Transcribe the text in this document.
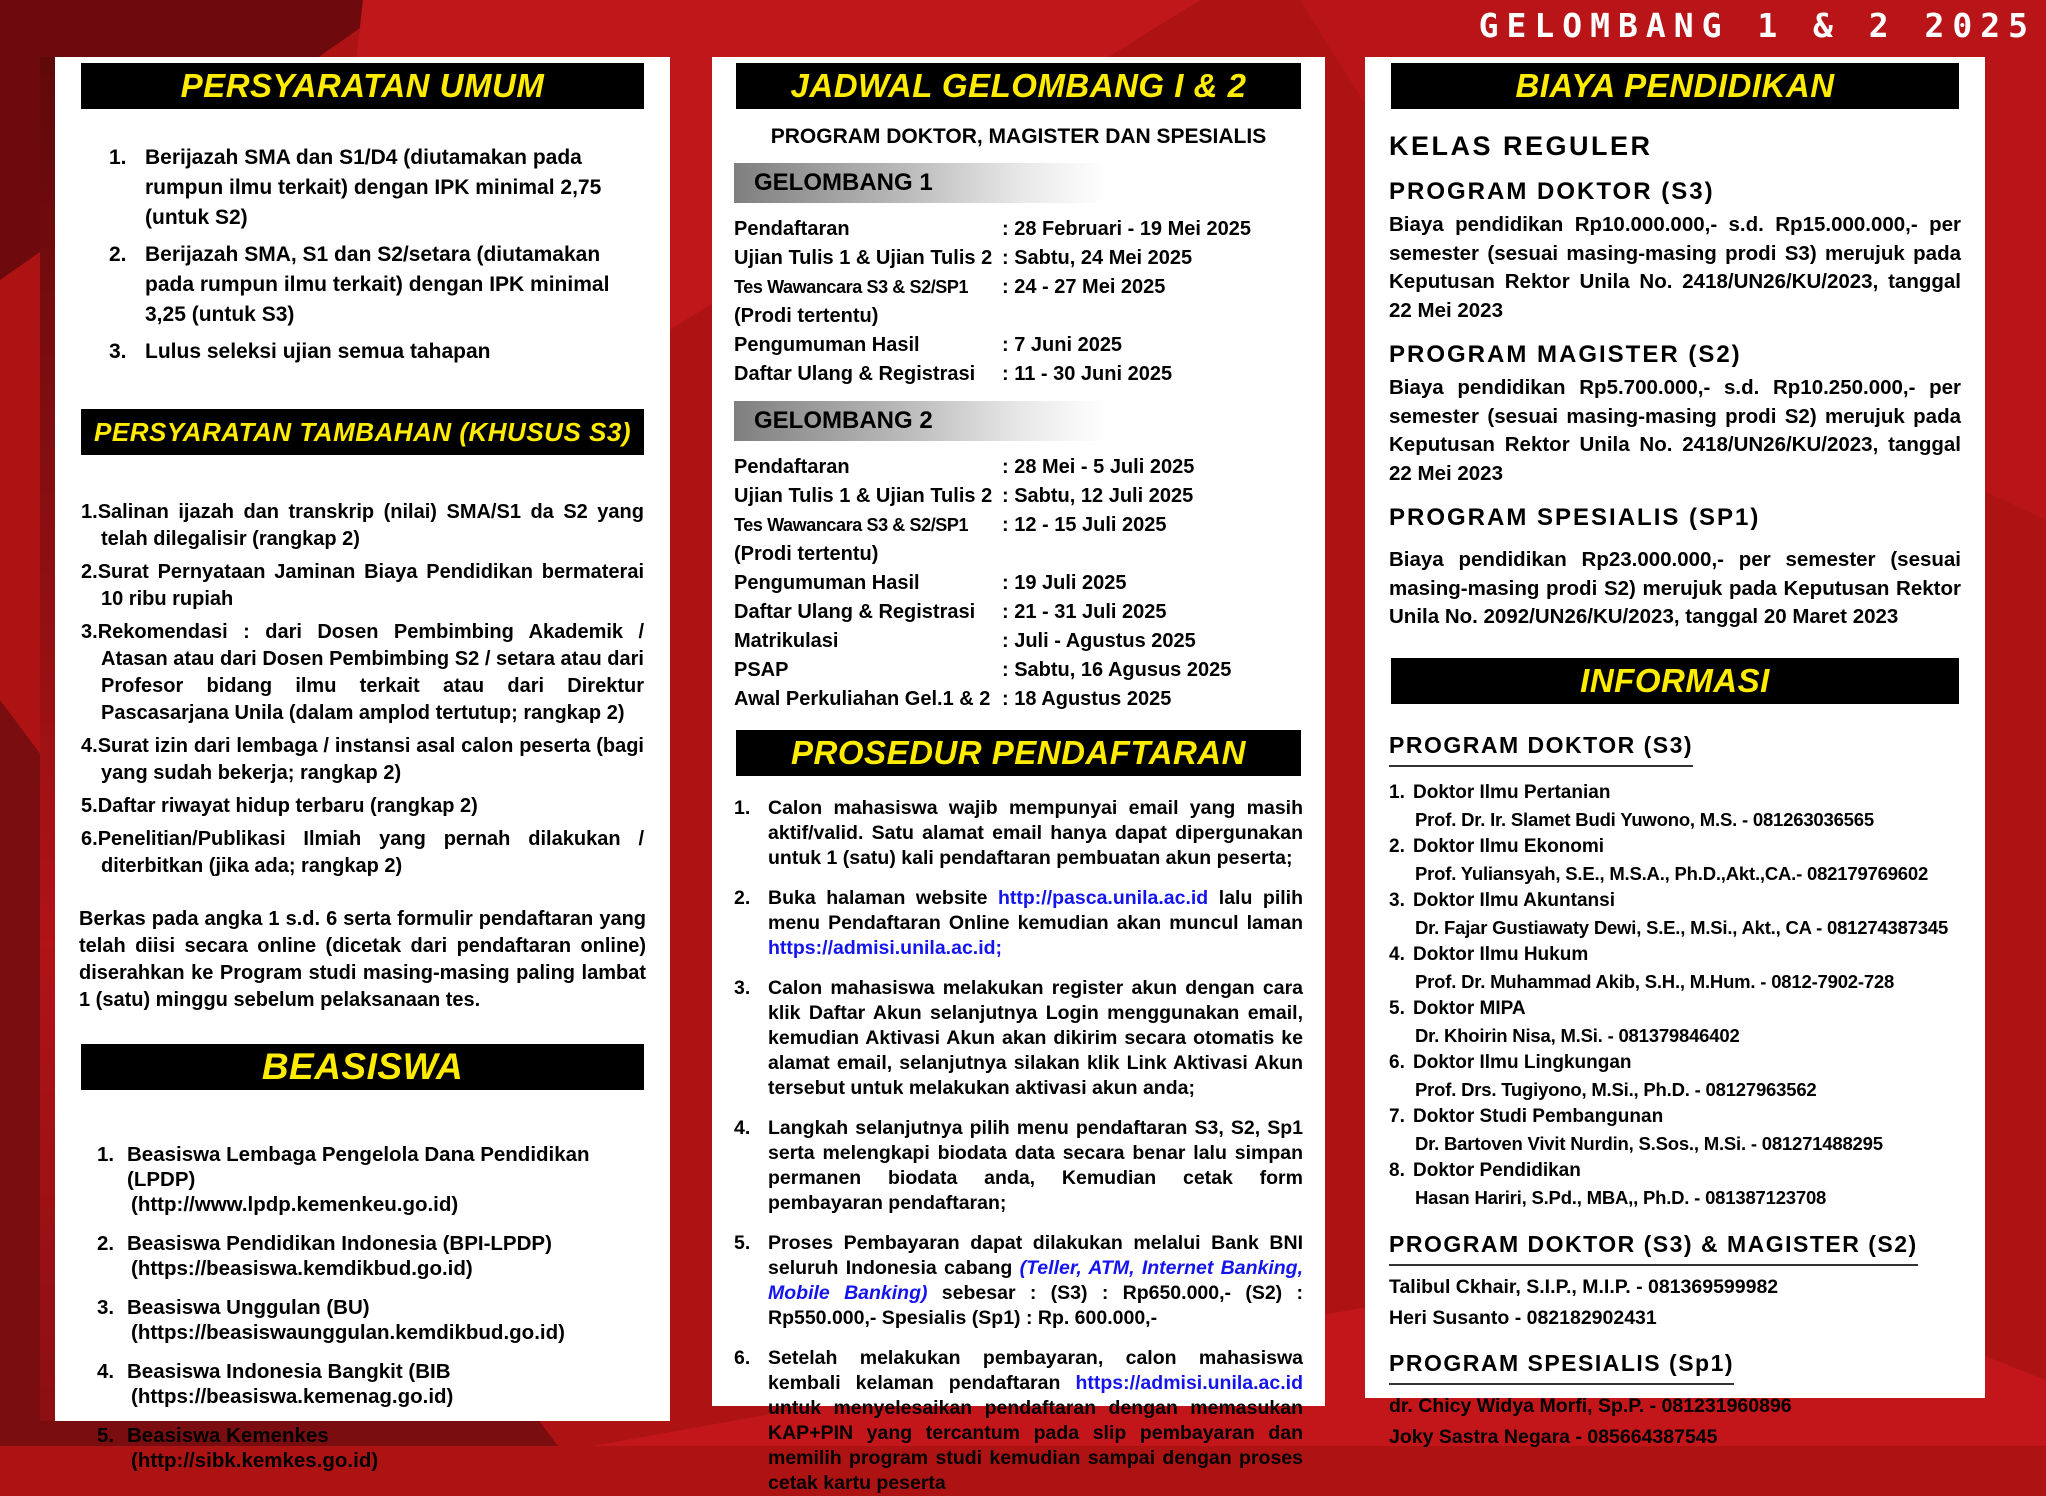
GELOMBANG 1 & 2 2025
PERSYARATAN UMUM
1. Berijazah SMA dan S1/D4 (diutamakan pada rumpun ilmu terkait) dengan IPK minimal 2,75 (untuk S2)
2. Berijazah SMA, S1 dan S2/setara (diutamakan pada rumpun ilmu terkait) dengan IPK minimal 3,25 (untuk S3)
3. Lulus seleksi ujian semua tahapan
PERSYARATAN TAMBAHAN (KHUSUS S3)
1.Salinan ijazah dan transkrip (nilai) SMA/S1 da S2 yang telah dilegalisir (rangkap 2)
2.Surat Pernyataan Jaminan Biaya Pendidikan bermaterai 10 ribu rupiah
3.Rekomendasi : dari Dosen Pembimbing Akademik / Atasan atau dari Dosen Pembimbing S2 / setara atau dari Profesor bidang ilmu terkait atau dari Direktur Pascasarjana Unila (dalam amplod tertutup; rangkap 2)
4.Surat izin dari lembaga / instansi asal calon peserta (bagi yang sudah bekerja; rangkap 2)
5.Daftar riwayat hidup terbaru (rangkap 2)
6.Penelitian/Publikasi Ilmiah yang pernah dilakukan / diterbitkan (jika ada; rangkap 2)
Berkas pada angka 1 s.d. 6 serta formulir pendaftaran yang telah diisi secara online (dicetak dari pendaftaran online) diserahkan ke Program studi masing-masing paling lambat 1 (satu) minggu sebelum pelaksanaan tes.
BEASISWA
1. Beasiswa Lembaga Pengelola Dana Pendidikan (LPDP)
(http://www.lpdp.kemenkeu.go.id)
2. Beasiswa Pendidikan Indonesia (BPI-LPDP)
(https://beasiswa.kemdikbud.go.id)
3. Beasiswa Unggulan (BU)
(https://beasiswaunggulan.kemdikbud.go.id)
4. Beasiswa Indonesia Bangkit (BIB
(https://beasiswa.kemenag.go.id)
5. Beasiswa Kemenkes
(http://sibk.kemkes.go.id)
JADWAL GELOMBANG I & 2
PROGRAM DOKTOR, MAGISTER DAN SPESIALIS
GELOMBANG 1
Pendaftaran	: 28 Februari - 19 Mei 2025
Ujian Tulis 1 & Ujian Tulis 2 : Sabtu, 24 Mei 2025
Tes Wawancara S3 & S2/SP1
(Prodi tertentu)
: 24 - 27 Mei 2025
Pengumuman Hasil	: 7 Juni 2025
Daftar Ulang & Registrasi	: 11 - 30 Juni 2025
GELOMBANG 2
Pendaftaran	: 28 Mei - 5 Juli 2025
Ujian Tulis 1 & Ujian Tulis 2 : Sabtu, 12 Juli 2025
Tes Wawancara S3 & S2/SP1
(Prodi tertentu)
: 12 - 15 Juli 2025
Pengumuman Hasil	: 19 Juli 2025
Daftar Ulang & Registrasi	: 21 - 31 Juli 2025
Matrikulasi	: Juli - Agustus 2025
PSAP	: Sabtu, 16 Agusus 2025
Awal Perkuliahan Gel.1 & 2 : 18 Agustus 2025
PROSEDUR PENDAFTARAN
1. Calon mahasiswa wajib mempunyai email yang masih aktif/valid. Satu alamat email hanya dapat dipergunakan untuk 1 (satu) kali pendaftaran pembuatan akun peserta;
2. Buka halaman website http://pasca.unila.ac.id lalu pilih menu Pendaftaran Online kemudian akan muncul laman https://admisi.unila.ac.id;
3. Calon mahasiswa melakukan register akun dengan cara klik Daftar Akun selanjutnya Login menggunakan email, kemudian Aktivasi Akun akan dikirim secara otomatis ke alamat email, selanjutnya silakan klik Link Aktivasi Akun tersebut untuk melakukan aktivasi akun anda;
4. Langkah selanjutnya pilih menu pendaftaran S3, S2, Sp1 serta melengkapi biodata data secara benar lalu simpan permanen biodata anda, Kemudian cetak form pembayaran pendaftaran;
5. Proses Pembayaran dapat dilakukan melalui Bank BNI seluruh Indonesia cabang (Teller, ATM, Internet Banking, Mobile Banking) sebesar : (S3) : Rp650.000,- (S2) : Rp550.000,- Spesialis (Sp1) : Rp. 600.000,-
6. Setelah melakukan pembayaran, calon mahasiswa kembali kelaman pendaftaran https://admisi.unila.ac.id untuk menyelesaikan pendaftaran dengan memasukan KAP+PIN yang tercantum pada slip pembayaran dan memilih program studi kemudian sampai dengan proses cetak kartu peserta
BIAYA PENDIDIKAN
KELAS REGULER
PROGRAM DOKTOR (S3)
Biaya pendidikan Rp10.000.000,- s.d. Rp15.000.000,- per semester (sesuai masing-masing prodi S3) merujuk pada Keputusan Rektor Unila No. 2418/UN26/KU/2023, tanggal 22 Mei 2023
PROGRAM MAGISTER (S2)
Biaya pendidikan Rp5.700.000,- s.d. Rp10.250.000,- per semester (sesuai masing-masing prodi S2) merujuk pada Keputusan Rektor Unila No. 2418/UN26/KU/2023, tanggal 22 Mei 2023
PROGRAM SPESIALIS (SP1)
Biaya pendidikan Rp23.000.000,- per semester (sesuai masing-masing prodi S2) merujuk pada Keputusan Rektor Unila No. 2092/UN26/KU/2023, tanggal 20 Maret 2023
INFORMASI
PROGRAM DOKTOR (S3)
1. Doktor Ilmu Pertanian
Prof. Dr. Ir. Slamet Budi Yuwono, M.S. - 081263036565
2. Doktor Ilmu Ekonomi
Prof. Yuliansyah, S.E., M.S.A., Ph.D.,Akt.,CA.- 082179769602
3. Doktor Ilmu Akuntansi
Dr. Fajar Gustiawaty Dewi, S.E., M.Si., Akt., CA - 081274387345
4. Doktor Ilmu Hukum
Prof. Dr. Muhammad Akib, S.H., M.Hum. - 0812-7902-728
5. Doktor MIPA
Dr. Khoirin Nisa, M.Si. - 081379846402
6. Doktor Ilmu Lingkungan
Prof. Drs. Tugiyono, M.Si., Ph.D. - 08127963562
7. Doktor Studi Pembangunan
Dr. Bartoven Vivit Nurdin, S.Sos., M.Si. - 081271488295
8. Doktor Pendidikan
Hasan Hariri, S.Pd., MBA,, Ph.D. - 081387123708
PROGRAM DOKTOR (S3) & MAGISTER (S2)
Talibul Ckhair, S.I.P., M.I.P. - 081369599982
Heri Susanto - 082182902431
PROGRAM SPESIALIS (Sp1)
dr. Chicy Widya Morfi, Sp.P. - 081231960896
Joky Sastra Negara - 085664387545
